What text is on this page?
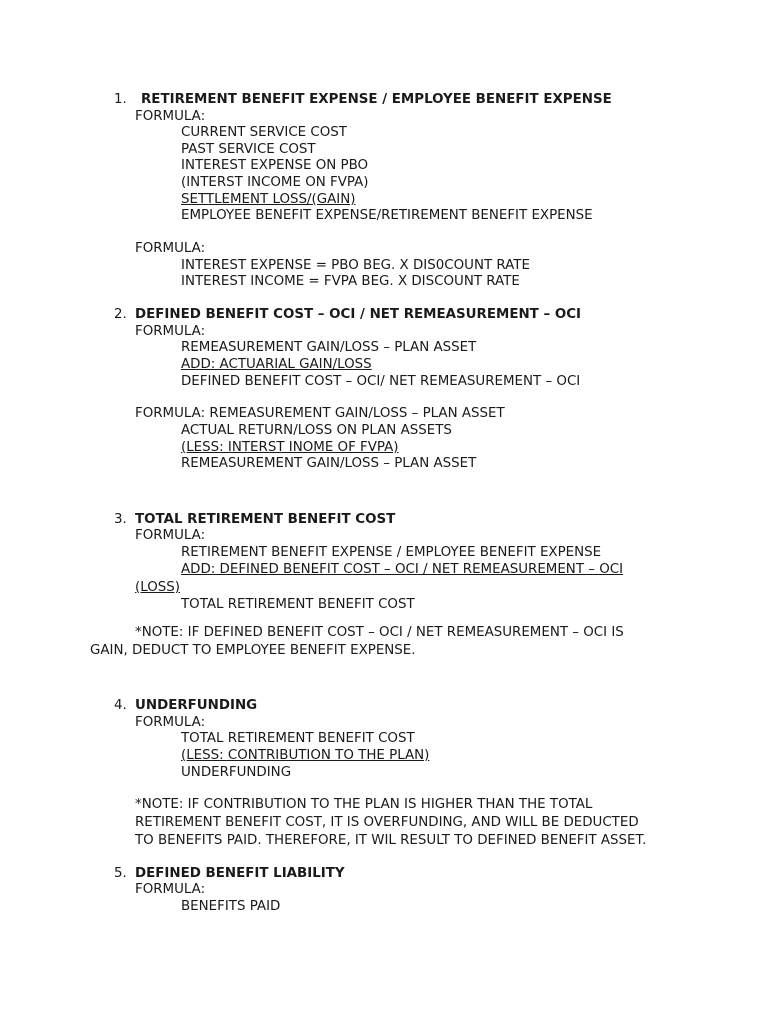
1. RETIREMENT BENEFIT EXPENSE / EMPLOYEE BENEFIT EXPENSE
FORMULA:
CURRENT SERVICE COST
PAST SERVICE COST
INTEREST EXPENSE ON PBO
(INTERST INCOME ON FVPA)
SETTLEMENT LOSS/(GAIN)
EMPLOYEE BENEFIT EXPENSE/RETIREMENT BENEFIT EXPENSE
FORMULA:
INTEREST EXPENSE = PBO BEG. X DIS0COUNT RATE
INTEREST INCOME = FVPA BEG. X DISCOUNT RATE
2. DEFINED BENEFIT COST – OCI / NET REMEASUREMENT – OCI
FORMULA:
REMEASUREMENT GAIN/LOSS – PLAN ASSET
ADD: ACTUARIAL GAIN/LOSS
DEFINED BENEFIT COST – OCI/ NET REMEASUREMENT – OCI
FORMULA: REMEASUREMENT GAIN/LOSS – PLAN ASSET
ACTUAL RETURN/LOSS ON PLAN ASSETS
(LESS: INTERST INOME OF FVPA)
REMEASUREMENT GAIN/LOSS – PLAN ASSET
3. TOTAL RETIREMENT BENEFIT COST
FORMULA:
RETIREMENT BENEFIT EXPENSE / EMPLOYEE BENEFIT EXPENSE
ADD: DEFINED BENEFIT COST – OCI / NET REMEASUREMENT – OCI
(LOSS)
TOTAL RETIREMENT BENEFIT COST
*NOTE: IF DEFINED BENEFIT COST – OCI / NET REMEASUREMENT – OCI IS
GAIN, DEDUCT TO EMPLOYEE BENEFIT EXPENSE.
4. UNDERFUNDING
FORMULA:
TOTAL RETIREMENT BENEFIT COST
(LESS: CONTRIBUTION TO THE PLAN)
UNDERFUNDING
*NOTE: IF CONTRIBUTION TO THE PLAN IS HIGHER THAN THE TOTAL
RETIREMENT BENEFIT COST, IT IS OVERFUNDING, AND WILL BE DEDUCTED
TO BENEFITS PAID. THEREFORE, IT WIL RESULT TO DEFINED BENEFIT ASSET.
5. DEFINED BENEFIT LIABILITY
FORMULA:
BENEFITS PAID
